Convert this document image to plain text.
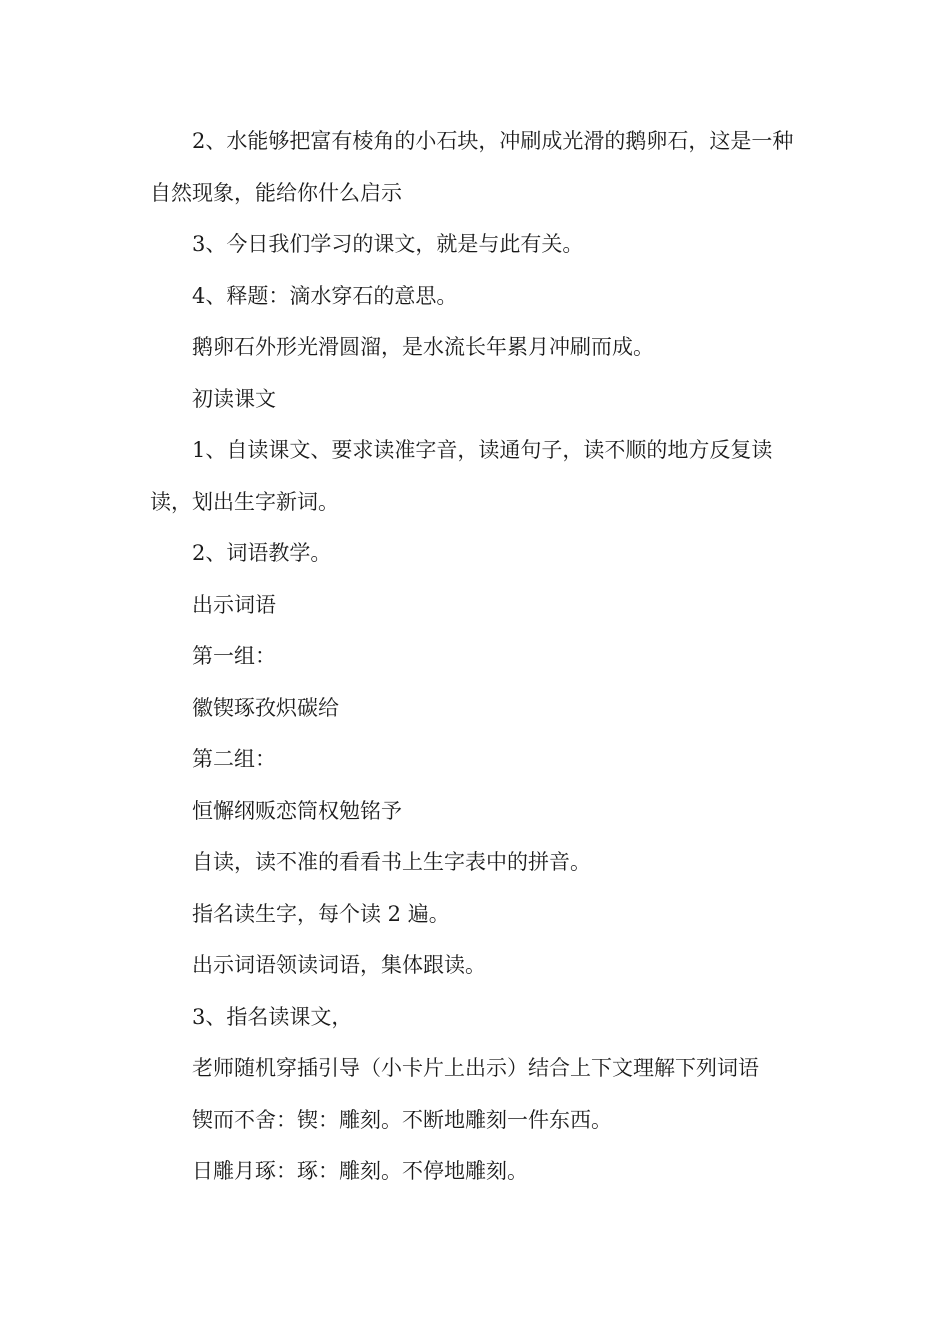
2、水能够把富有棱角的小石块，冲刷成光滑的鹅卵石，这是一种自然现象，能给你什么启示

3、今日我们学习的课文，就是与此有关。

4、释题：滴水穿石的意思。

鹅卵石外形光滑圆溜，是水流长年累月冲刷而成。

初读课文

1、自读课文、要求读准字音，读通句子，读不顺的地方反复读读，划出生字新词。

2、词语教学。

出示词语

第一组：

徽锲琢孜炽碳给

第二组：

恒懈纲贩恋筒权勉铭予

自读，读不准的看看书上生字表中的拼音。

指名读生字，每个读 2 遍。

出示词语领读词语，集体跟读。

3、指名读课文，

老师随机穿插引导（小卡片上出示）结合上下文理解下列词语

锲而不舍：锲：雕刻。不断地雕刻一件东西。

日雕月琢：琢：雕刻。不停地雕刻。
